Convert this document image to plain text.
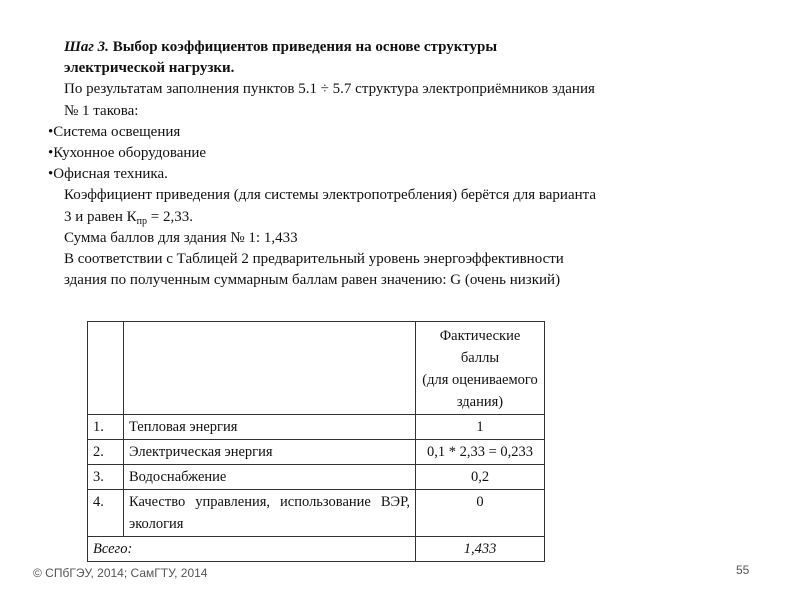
Шаг 3. Выбор коэффициентов приведения на основе структуры
электрической нагрузки.
По результатам заполнения пунктов 5.1 ÷ 5.7 структура электроприёмников здания
№ 1 такова:
•Система освещения
•Кухонное оборудование
•Офисная техника.
Коэффициент приведения (для системы электропотребления) берётся для варианта
3 и равен $К_{пр} = 2,33$.
Сумма баллов для здания № 1: 1,433
В соответствии с Таблицей 2 предварительный уровень энергоэффективности
здания по полученным суммарным баллам равен значению: G (очень низкий)

		Фактические баллы
(для оцениваемого
здания)

1.	Тепловая энергия	1
2.	Электрическая энергия	0,1 * 2,33 = 0,233
3.	Водоснабжение	0,2
4.	Качество управления, использование ВЭР, экология	0
Всего:		1,433
© СПбГЭУ, 2014; СамГТУ, 2014	55
